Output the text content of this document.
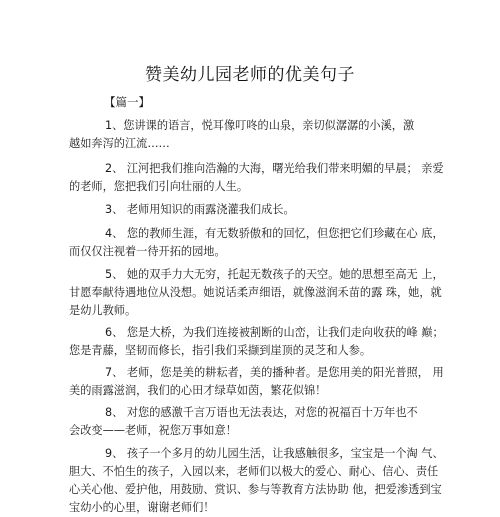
赞美幼儿园老师的优美句子
【篇一】
1、您讲课的语言，悦耳像叮咚的山泉，亲切似潺潺的小溪，激
越如奔泻的江流……
2、 江河把我们推向浩瀚的大海，曙光给我们带来明媚的早晨； 亲爱
的老师，您把我们引向壮丽的人生。
3、 老师用知识的雨露浇灌我们成长。
4、 您的教师生涯，有无数骄傲和的回忆，但您把它们珍藏在心 底，
而仅仅注视着一待开拓的园地。
5、 她的双手力大无穷，托起无数孩子的天空。她的思想至高无 上，
甘愿奉献待遇地位从没想。她说话柔声细语，就像滋润禾苗的露 珠，她，就
是幼儿教师。
6、 您是大桥，为我们连接被割断的山峦，让我们走向收获的峰 巅；
您是青藤，坚韧而修长，指引我们采撷到崖顶的灵芝和人参。
7、 老师，您是美的耕耘者，美的播种者。是您用美的阳光普照， 用
美的雨露滋润，我们的心田才绿草如茵，繁花似锦！
8、 对您的感激千言万语也无法表达，对您的祝福百十万年也不
会改变——老师，祝您万事如意！
9、 孩子一个多月的幼儿园生活，让我感触很多，宝宝是一个淘 气、
胆大、不怕生的孩子，入园以来，老师们以极大的爱心、耐心、信心、责任
心关心他、爱护他，用鼓励、赏识、参与等教育方法协助 他，把爱渗透到宝
宝幼小的心里，谢谢老师们！
